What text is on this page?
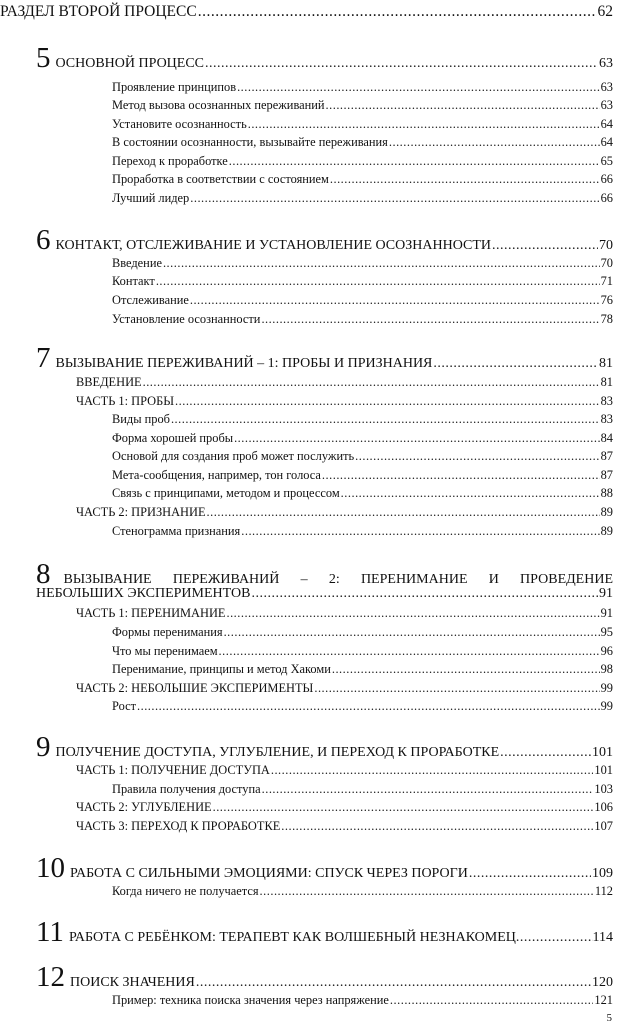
РАЗДЕЛ ВТОРОЙ ПРОЦЕСС .....	62
5 ОСНОВНОЙ ПРОЦЕСС .....	63
Проявление принципов .....	63
Метод вызова осознанных переживаний .....	63
Установите осознанность .....	64
В состоянии осознанности, вызывайте переживания .....	64
Переход к проработке .....	65
Проработка в соответствии с состоянием .....	66
Лучший лидер .....	66
6 КОНТАКТ, ОТСЛЕЖИВАНИЕ И УСТАНОВЛЕНИЕ ОСОЗНАННОСТИ .....	70
Введение .....	70
Контакт .....	71
Отслеживание .....	76
Установление осознанности .....	78
7 ВЫЗЫВАНИЕ ПЕРЕЖИВАНИЙ – 1: ПРОБЫ И ПРИЗНАНИЯ .....	81
ВВЕДЕНИЕ .....	81
ЧАСТЬ 1: ПРОБЫ .....	83
Виды проб .....	83
Форма хорошей пробы .....	84
Основой для создания проб может послужить .....	87
Мета-сообщения, например, тон голоса .....	87
Связь с принципами, методом и процессом .....	88
ЧАСТЬ 2: ПРИЗНАНИЕ .....	89
Стенограмма признания .....	89
8 ВЫЗЫВАНИЕ ПЕРЕЖИВАНИЙ – 2: ПЕРЕНИМАНИЕ И ПРОВЕДЕНИЕ
НЕБОЛЬШИХ ЭКСПЕРИМЕНТОВ .....	91
ЧАСТЬ 1: ПЕРЕНИМАНИЕ .....	91
Формы перенимания .....	95
Что мы перенимаем .....	96
Перенимание, принципы и метод Хакоми .....	98
ЧАСТЬ 2: НЕБОЛЬШИЕ ЭКСПЕРИМЕНТЫ .....	99
Рост .....	99
9 ПОЛУЧЕНИЕ ДОСТУПА, УГЛУБЛЕНИЕ, И ПЕРЕХОД К ПРОРАБОТКЕ .....	101
ЧАСТЬ 1: ПОЛУЧЕНИЕ ДОСТУПА .....	101
Правила получения доступа .....	103
ЧАСТЬ 2: УГЛУБЛЕНИЕ .....	106
ЧАСТЬ 3: ПЕРЕХОД К ПРОРАБОТКЕ .....	107
10 РАБОТА С СИЛЬНЫМИ ЭМОЦИЯМИ: СПУСК ЧЕРЕЗ ПОРОГИ .....	109
Когда ничего не получается .....	112
11 РАБОТА С РЕБЁНКОМ: ТЕРАПЕВТ КАК ВОЛШЕБНЫЙ НЕЗНАКОМЕЦ .....	114
12 ПОИСК ЗНАЧЕНИЯ .....	120
Пример: техника поиска значения через напряжение .....	121
5
